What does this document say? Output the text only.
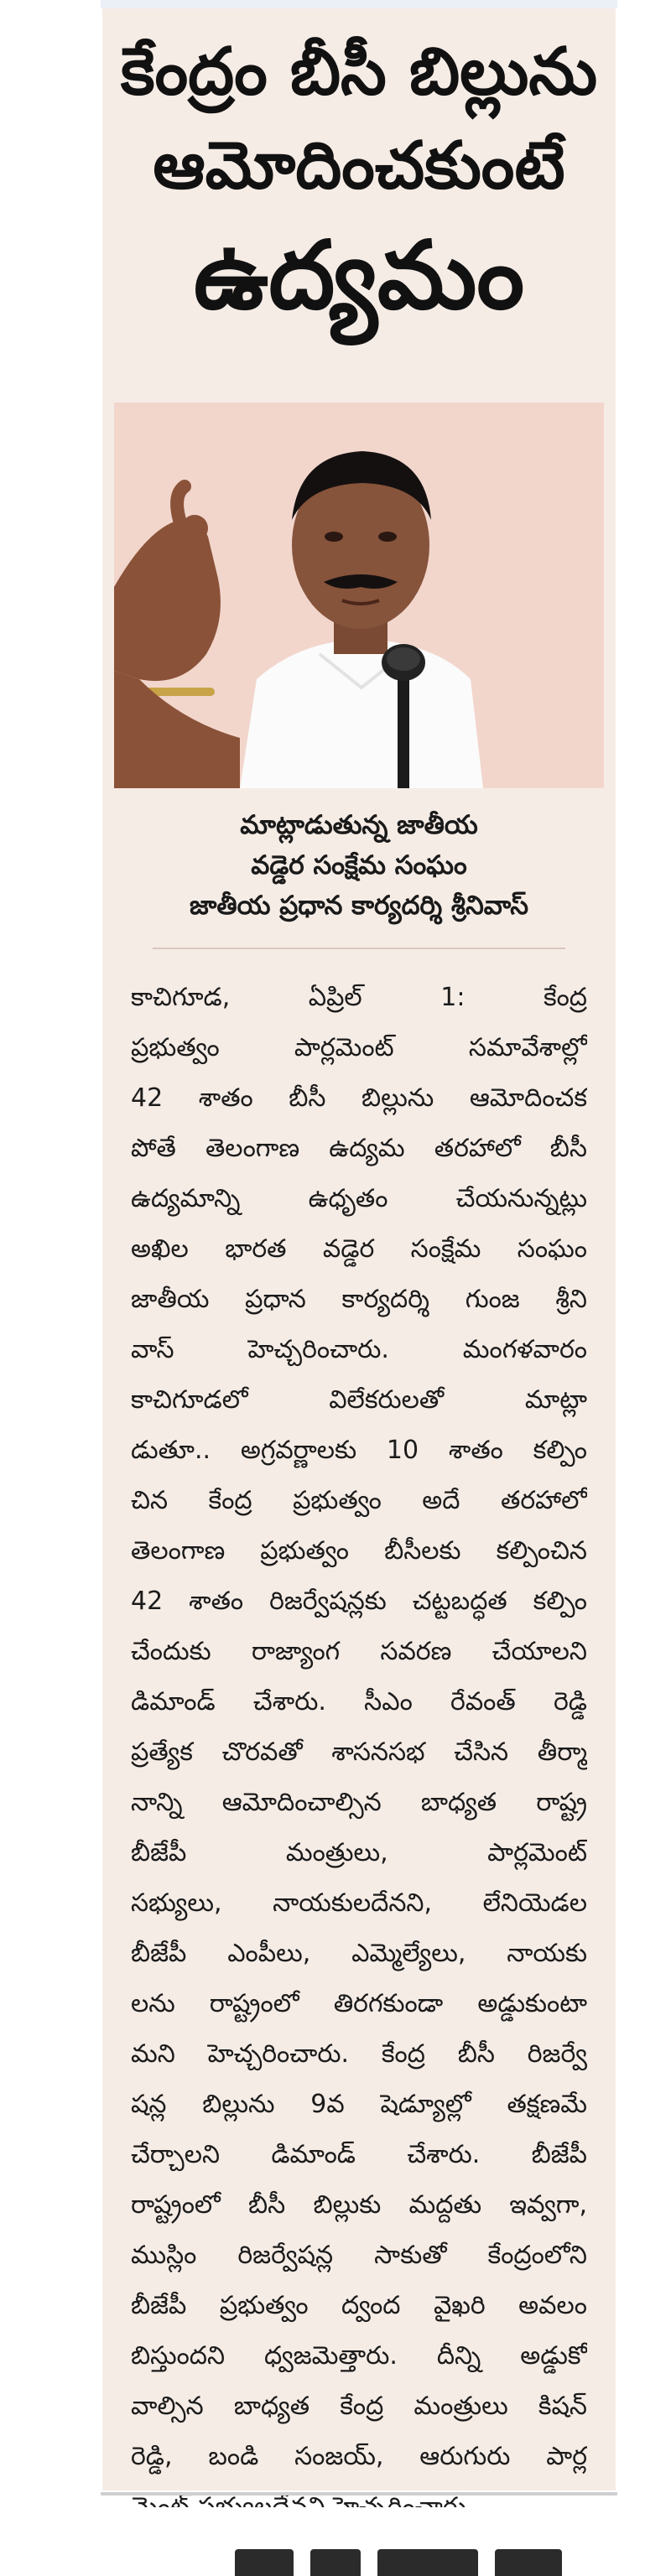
కేంద్రం బీసీ బిల్లును
ఆమోదించకుంటే
ఉద్యమం
మాట్లాడుతున్న జాతీయ
వడ్డెర సంక్షేమ సంఘం
జాతీయ ప్రధాన కార్యదర్శి శ్రీనివాస్
కాచిగూడ, ఏప్రిల్ 1: కేంద్ర
ప్రభుత్వం పార్లమెంట్ సమావేశాల్లో
42 శాతం బీసీ బిల్లును ఆమోదించక
పోతే తెలంగాణ ఉద్యమ తరహాలో బీసీ
ఉద్యమాన్ని ఉధృతం చేయనున్నట్లు
అఖిల భారత వడ్డెర సంక్షేమ సంఘం
జాతీయ ప్రధాన కార్యదర్శి గుంజ శ్రీని
వాస్ హెచ్చరించారు. మంగళవారం
కాచిగూడలో విలేకరులతో మాట్లా
డుతూ.. అగ్రవర్ణాలకు 10 శాతం కల్పిం
చిన కేంద్ర ప్రభుత్వం అదే తరహాలో
తెలంగాణ ప్రభుత్వం బీసీలకు కల్పించిన
42 శాతం రిజర్వేషన్లకు చట్టబద్ధత కల్పిం
చేందుకు రాజ్యాంగ సవరణ చేయాలని
డిమాండ్ చేశారు. సీఎం రేవంత్ రెడ్డి
ప్రత్యేక చొరవతో శాసనసభ చేసిన తీర్మా
నాన్ని ఆమోదించాల్సిన బాధ్యత రాష్ట్ర
బీజేపీ మంత్రులు, పార్లమెంట్
సభ్యులు, నాయకులదేనని, లేనియెడల
బీజేపీ ఎంపీలు, ఎమ్మెల్యేలు, నాయకు
లను రాష్ట్రంలో తిరగకుండా అడ్డుకుంటా
మని హెచ్చరించారు. కేంద్ర బీసీ రిజర్వే
షన్ల బిల్లును 9వ షెడ్యూల్లో తక్షణమే
చేర్చాలని డిమాండ్ చేశారు. బీజేపీ
రాష్ట్రంలో బీసీ బిల్లుకు మద్దతు ఇవ్వగా,
ముస్లిం రిజర్వేషన్ల సాకుతో కేంద్రంలోని
బీజేపీ ప్రభుత్వం ద్వంద వైఖరి అవలం
బిస్తుందని ధ్వజమెత్తారు. దీన్ని అడ్డుకో
వాల్సిన బాధ్యత కేంద్ర మంత్రులు కిషన్
రెడ్డి, బండి సంజయ్, ఆరుగురు పార్ల
